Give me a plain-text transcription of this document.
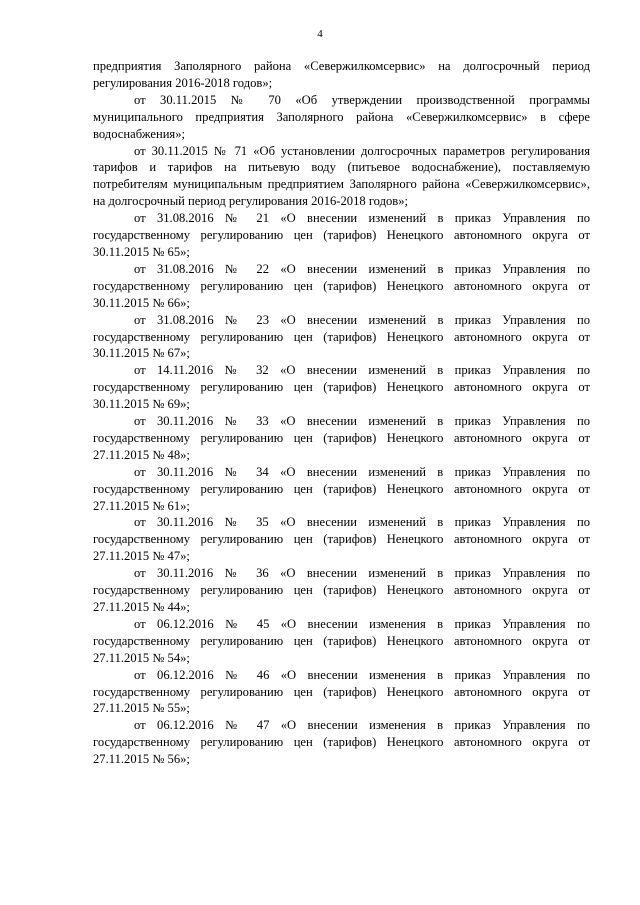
4

предприятия Заполярного района «Севержилкомсервис» на долгосрочный период регулирования 2016-2018 годов»;

от 30.11.2015 № 70 «Об утверждении производственной программы муниципального предприятия Заполярного района «Севержилкомсервис» в сфере водоснабжения»;

от 30.11.2015 № 71 «Об установлении долгосрочных параметров регулирования тарифов и тарифов на питьевую воду (питьевое водоснабжение), поставляемую потребителям муниципальным предприятием Заполярного района «Севержилкомсервис», на долгосрочный период регулирования 2016-2018 годов»;

от 31.08.2016 № 21 «О внесении изменений в приказ Управления по государственному регулированию цен (тарифов) Ненецкого автономного округа от 30.11.2015 № 65»;

от 31.08.2016 № 22 «О внесении изменений в приказ Управления по государственному регулированию цен (тарифов) Ненецкого автономного округа от 30.11.2015 № 66»;

от 31.08.2016 № 23 «О внесении изменений в приказ Управления по государственному регулированию цен (тарифов) Ненецкого автономного округа от 30.11.2015 № 67»;

от 14.11.2016 № 32 «О внесении изменений в приказ Управления по государственному регулированию цен (тарифов) Ненецкого автономного округа от 30.11.2015 № 69»;

от 30.11.2016 № 33 «О внесении изменений в приказ Управления по государственному регулированию цен (тарифов) Ненецкого автономного округа от 27.11.2015 № 48»;

от 30.11.2016 № 34 «О внесении изменений в приказ Управления по государственному регулированию цен (тарифов) Ненецкого автономного округа от 27.11.2015 № 61»;

от 30.11.2016 № 35 «О внесении изменений в приказ Управления по государственному регулированию цен (тарифов) Ненецкого автономного округа от 27.11.2015 № 47»;

от 30.11.2016 № 36 «О внесении изменений в приказ Управления по государственному регулированию цен (тарифов) Ненецкого автономного округа от 27.11.2015 № 44»;

от 06.12.2016 № 45 «О внесении изменения в приказ Управления по государственному регулированию цен (тарифов) Ненецкого автономного округа от 27.11.2015 № 54»;

от 06.12.2016 № 46 «О внесении изменения в приказ Управления по государственному регулированию цен (тарифов) Ненецкого автономного округа от 27.11.2015 № 55»;

от 06.12.2016 № 47 «О внесении изменения в приказ Управления по государственному регулированию цен (тарифов) Ненецкого автономного округа от 27.11.2015 № 56»;
